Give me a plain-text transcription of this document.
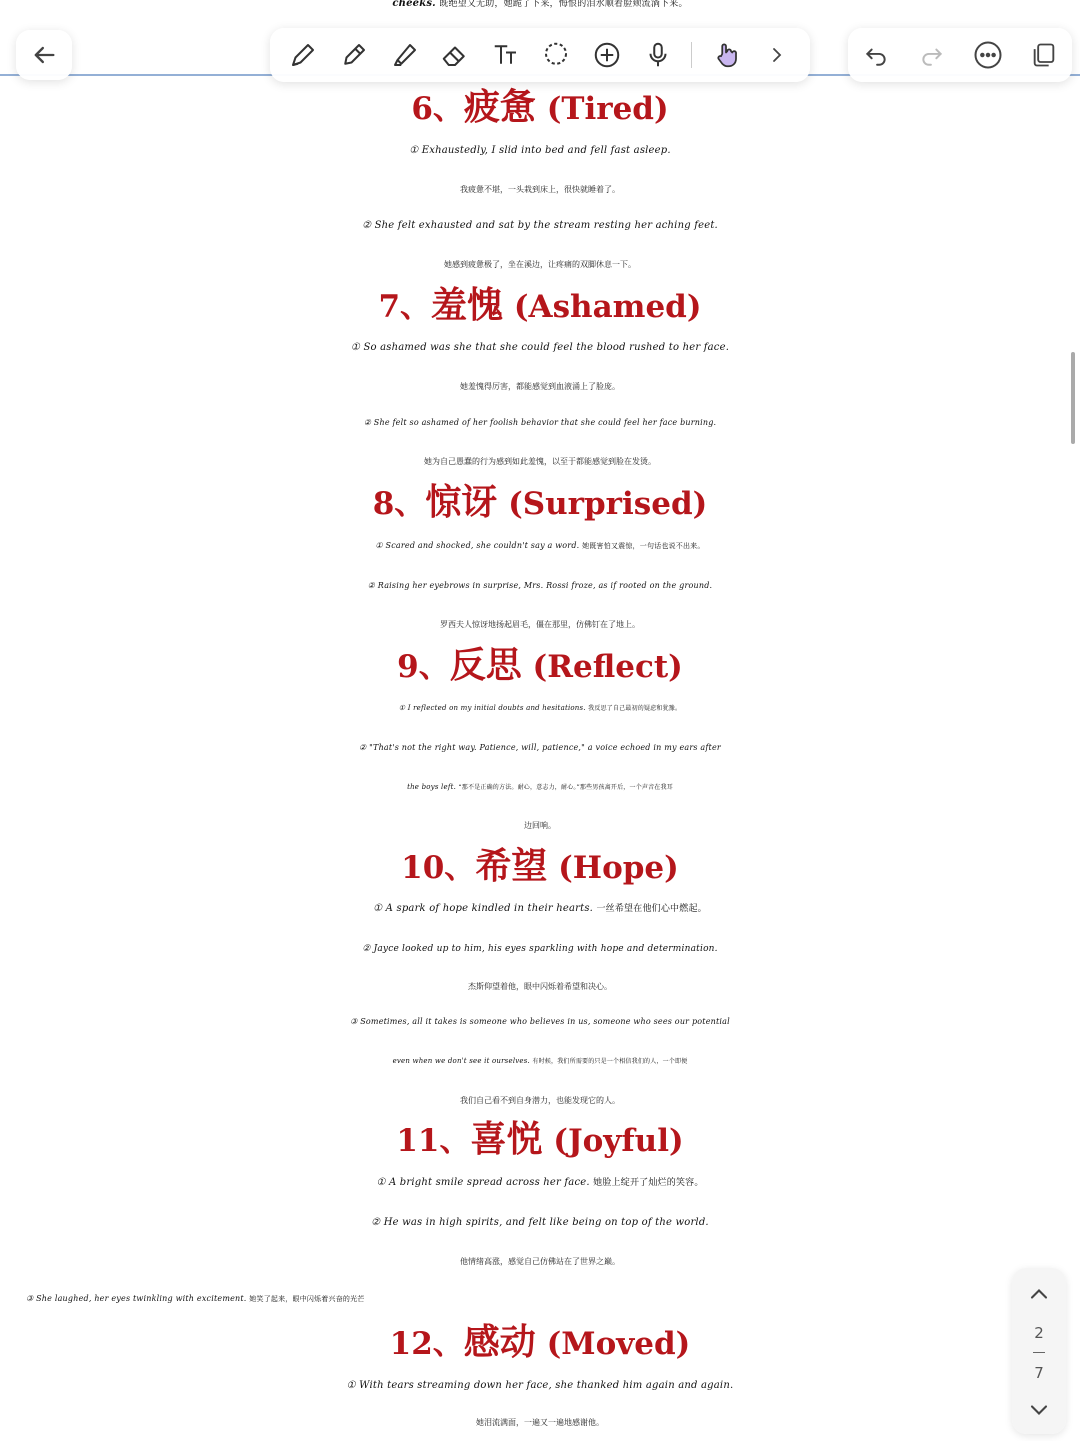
cheeks. 既绝望又无助，她跪了下来，悔恨的泪水顺着脸颊流淌下来。
6、疲惫 (Tired)
① Exhaustedly, I slid into bed and fell fast asleep.
我疲惫不堪，一头栽到床上，很快就睡着了。
② She felt exhausted and sat by the stream resting her aching feet.
她感到疲惫极了，坐在溪边，让疼痛的双脚休息一下。
7、羞愧 (Ashamed)
① So ashamed was she that she could feel the blood rushed to her face.
她羞愧得厉害，都能感觉到血液涌上了脸庞。
② She felt so ashamed of her foolish behavior that she could feel her face burning.
她为自己愚蠢的行为感到如此羞愧，以至于都能感觉到脸在发烫。
8、惊讶 (Surprised)
① Scared and shocked, she couldn't say a word. 她既害怕又震惊，一句话也说不出来。
② Raising her eyebrows in surprise, Mrs. Rossi froze, as if rooted on the ground.
罗西夫人惊讶地扬起眉毛，僵在那里，仿佛钉在了地上。
9、反思 (Reflect)
① I reflected on my initial doubts and hesitations. 我反思了自己最初的疑虑和犹豫。
② "That's not the right way. Patience, will, patience," a voice echoed in my ears after
the boys left. “那不是正确的方法。耐心，意志力，耐心。”那些男孩离开后，一个声音在我耳
边回响。
10、希望 (Hope)
① A spark of hope kindled in their hearts. 一丝希望在他们心中燃起。
② Jayce looked up to him, his eyes sparkling with hope and determination.
杰斯仰望着他，眼中闪烁着希望和决心。
③ Sometimes, all it takes is someone who believes in us, someone who sees our potential
even when we don't see it ourselves. 有时候，我们所需要的只是一个相信我们的人，一个即便
我们自己看不到自身潜力，也能发现它的人。
11、喜悦 (Joyful)
① A bright smile spread across her face. 她脸上绽开了灿烂的笑容。
② He was in high spirits, and felt like being on top of the world.
他情绪高涨，感觉自己仿佛站在了世界之巅。
③ She laughed, her eyes twinkling with excitement. 她笑了起来，眼中闪烁着兴奋的光芒
12、感动 (Moved)
① With tears streaming down her face, she thanked him again and again.
她泪流满面，一遍又一遍地感谢他。
2
7
